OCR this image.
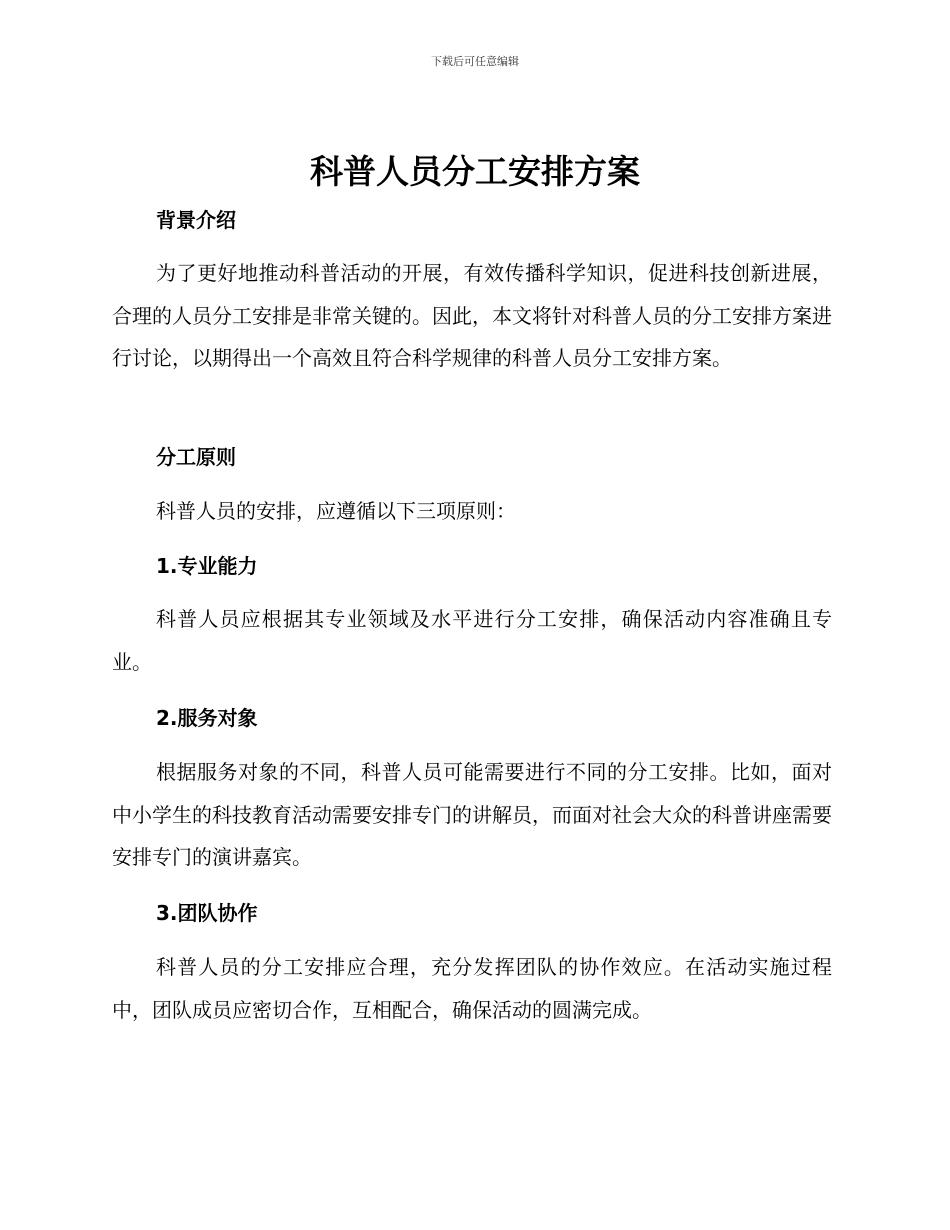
下载后可任意编辑
科普人员分工安排方案
背景介绍

为了更好地推动科普活动的开展，有效传播科学知识，促进科技创新进展，合理的人员分工安排是非常关键的。因此，本文将针对科普人员的分工安排方案进行讨论，以期得出一个高效且符合科学规律的科普人员分工安排方案。

分工原则

科普人员的安排，应遵循以下三项原则：

1.专业能力

科普人员应根据其专业领域及水平进行分工安排，确保活动内容准确且专业。

2.服务对象

根据服务对象的不同，科普人员可能需要进行不同的分工安排。比如，面对中小学生的科技教育活动需要安排专门的讲解员，而面对社会大众的科普讲座需要安排专门的演讲嘉宾。

3.团队协作

科普人员的分工安排应合理，充分发挥团队的协作效应。在活动实施过程中，团队成员应密切合作，互相配合，确保活动的圆满完成。
